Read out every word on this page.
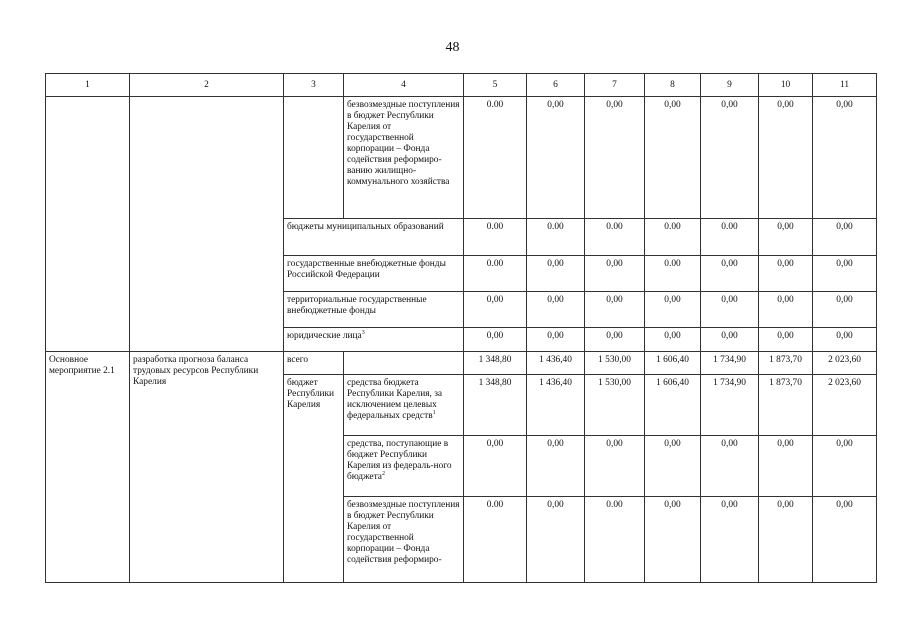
48
1	2	3	4	5	6	7	8	9	10	11
			безвозмездные поступления в бюджет Республики Карелия от государственной корпорации – Фонда содействия реформиро-ванию жилищно-коммунального хозяйства	0.00	0,00	0,00	0,00	0,00	0,00	0,00
		бюджеты муниципальных образований		0.00	0.00	0.00	0.00	0.00	0,00	0,00
		государственные внебюджетные фонды Российской Федерации		0.00	0,00	0,00	0.00	0,00	0,00	0,00
		территориальные государственные внебюджетные фонды		0,00	0,00	0,00	0,00	0,00	0,00	0,00
		юридические лица$^3$		0,00	0,00	0,00	0,00	0,00	0,00	0,00
Основное мероприятие 2.1	разработка прогноза баланса трудовых ресурсов Республики Карелия	всего		1 348,80	1 436,40	1 530,00	1 606,40	1 734,90	1 873,70	2 023,60
		бюджет Республики Карелия	средства бюджета Республики Карелия, за исключением целевых федеральных средств$^1$	1 348,80	1 436,40	1 530,00	1 606,40	1 734,90	1 873,70	2 023,60
			средства, поступающие в бюджет Республики Карелия из федераль-ного бюджета$^2$	0,00	0,00	0,00	0,00	0,00	0,00	0,00
			безвозмездные поступления в бюджет Республики Карелия от государственной корпорации – Фонда содействия реформиро-	0.00	0,00	0.00	0,00	0,00	0,00	0,00
